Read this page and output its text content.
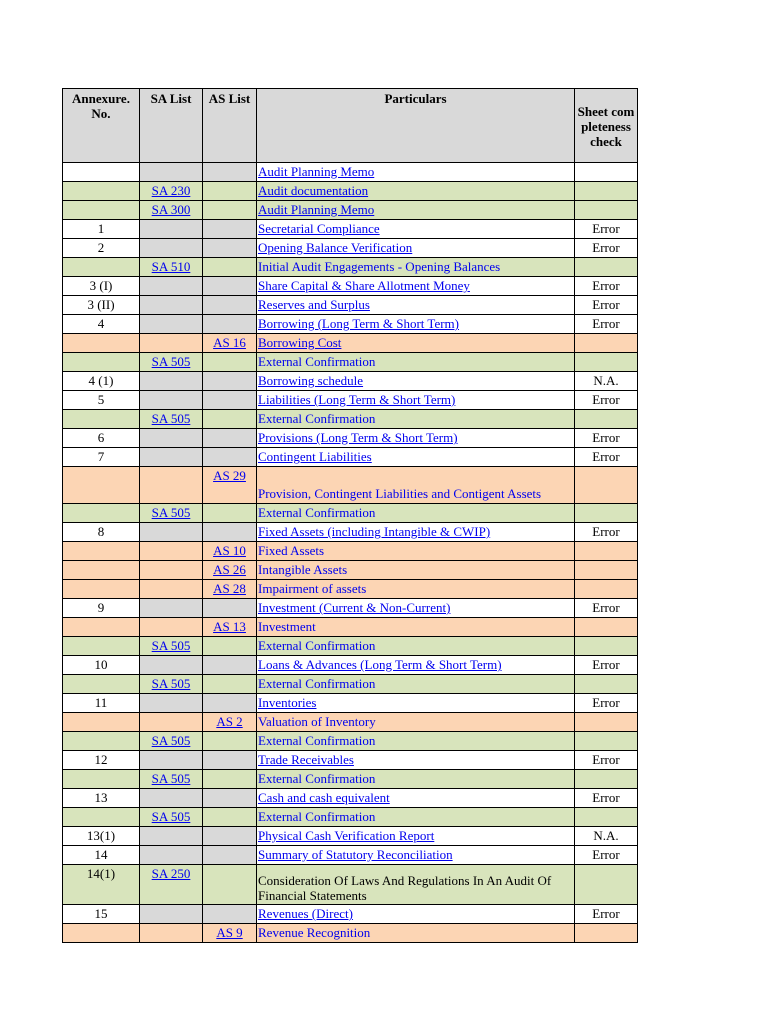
Annexure. No.	SA List	AS List	Particulars	Sheet completeness check
			Audit Planning Memo	
	SA 230		Audit documentation	
	SA 300		Audit Planning Memo	
1			Secretarial Compliance	Error
2			Opening Balance Verification	Error
	SA 510		Initial Audit Engagements - Opening Balances	
3 (I)			Share Capital & Share Allotment Money	Error
3 (II)			Reserves and Surplus	Error
4			Borrowing (Long Term & Short Term)	Error
		AS 16	Borrowing Cost	
	SA 505		External Confirmation	
4 (1)			Borrowing schedule	N.A.
5			Liabilities (Long Term & Short Term)	Error
	SA 505		External Confirmation	
6			Provisions (Long Term & Short Term)	Error
7			Contingent Liabilities	Error
		AS 29	Provision, Contingent Liabilities and Contigent Assets	
	SA 505		External Confirmation	
8			Fixed Assets (including Intangible & CWIP)	Error
		AS 10	Fixed Assets	
		AS 26	Intangible Assets	
		AS 28	Impairment of assets	
9			Investment (Current & Non-Current)	Error
		AS 13	Investment	
	SA 505		External Confirmation	
10			Loans & Advances (Long Term & Short Term)	Error
	SA 505		External Confirmation	
11			Inventories	Error
		AS 2	Valuation of Inventory	
	SA 505		External Confirmation	
12			Trade Receivables	Error
	SA 505		External Confirmation	
13			Cash and cash equivalent	Error
	SA 505		External Confirmation	
13(1)			Physical Cash Verification Report	N.A.
14			Summary of Statutory Reconciliation	Error
14(1)	SA 250		Consideration Of Laws And Regulations In An Audit Of Financial Statements	
15			Revenues (Direct)	Error
		AS 9	Revenue Recognition	
